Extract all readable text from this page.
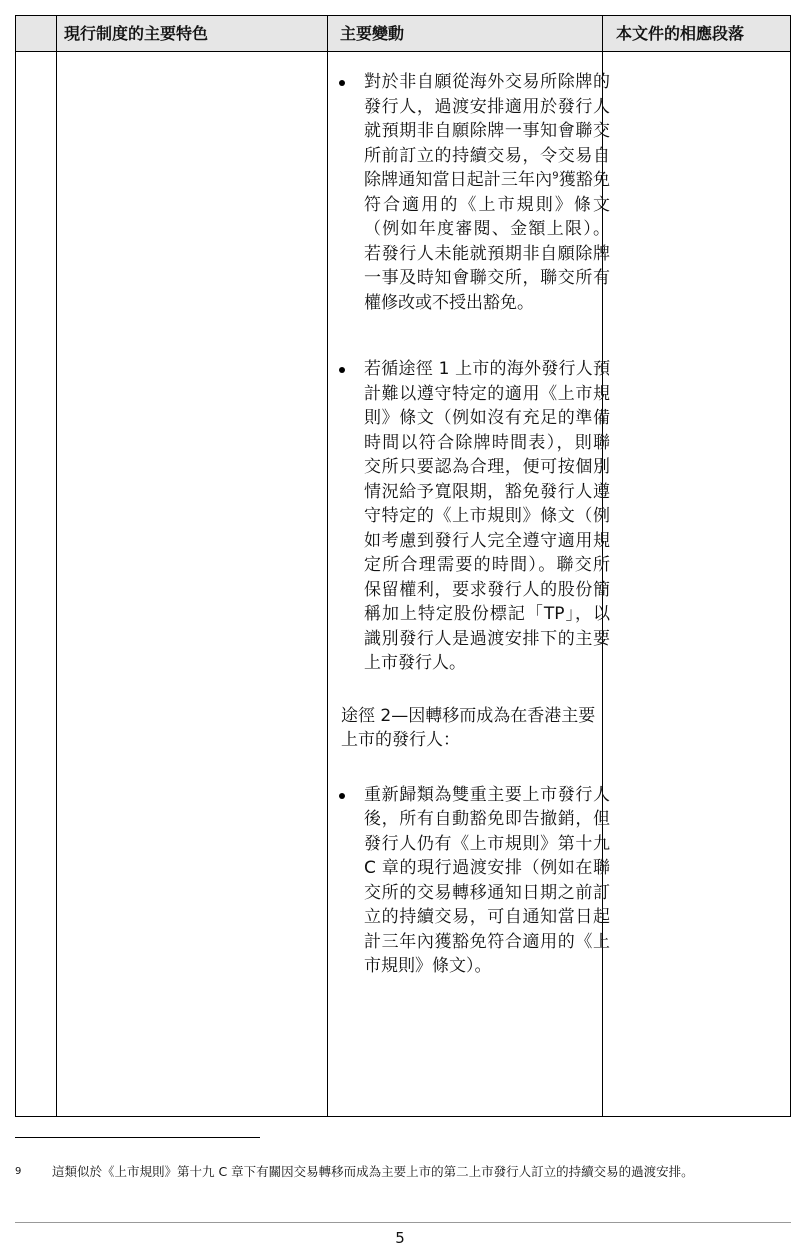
現行制度的主要特色	主要變動	本文件的相應段落
對於非自願從海外交易所除牌的發行人，過渡安排適用於發行人就預期非自願除牌一事知會聯交所前訂立的持續交易，令交易自除牌通知當日起計三年內$^9$獲豁免符合適用的《上市規則》條文（例如年度審閱、金額上限）。若發行人未能就預期非自願除牌一事及時知會聯交所，聯交所有權修改或不授出豁免。
若循途徑 1 上市的海外發行人預計難以遵守特定的適用《上市規則》條文（例如沒有充足的準備時間以符合除牌時間表），則聯交所只要認為合理，便可按個別情況給予寬限期，豁免發行人遵守特定的《上市規則》條文（例如考慮到發行人完全遵守適用規定所合理需要的時間）。聯交所保留權利，要求發行人的股份簡稱加上特定股份標記「TP」，以識別發行人是過渡安排下的主要上市發行人。
途徑 2—因轉移而成為在香港主要上市的發行人：
重新歸類為雙重主要上市發行人後，所有自動豁免即告撤銷，但發行人仍有《上市規則》第十九 C 章的現行過渡安排（例如在聯交所的交易轉移通知日期之前訂立的持續交易，可自通知當日起計三年內獲豁免符合適用的《上市規則》條文）。
9	這類似於《上市規則》第十九 C 章下有關因交易轉移而成為主要上市的第二上市發行人訂立的持續交易的過渡安排。
5
